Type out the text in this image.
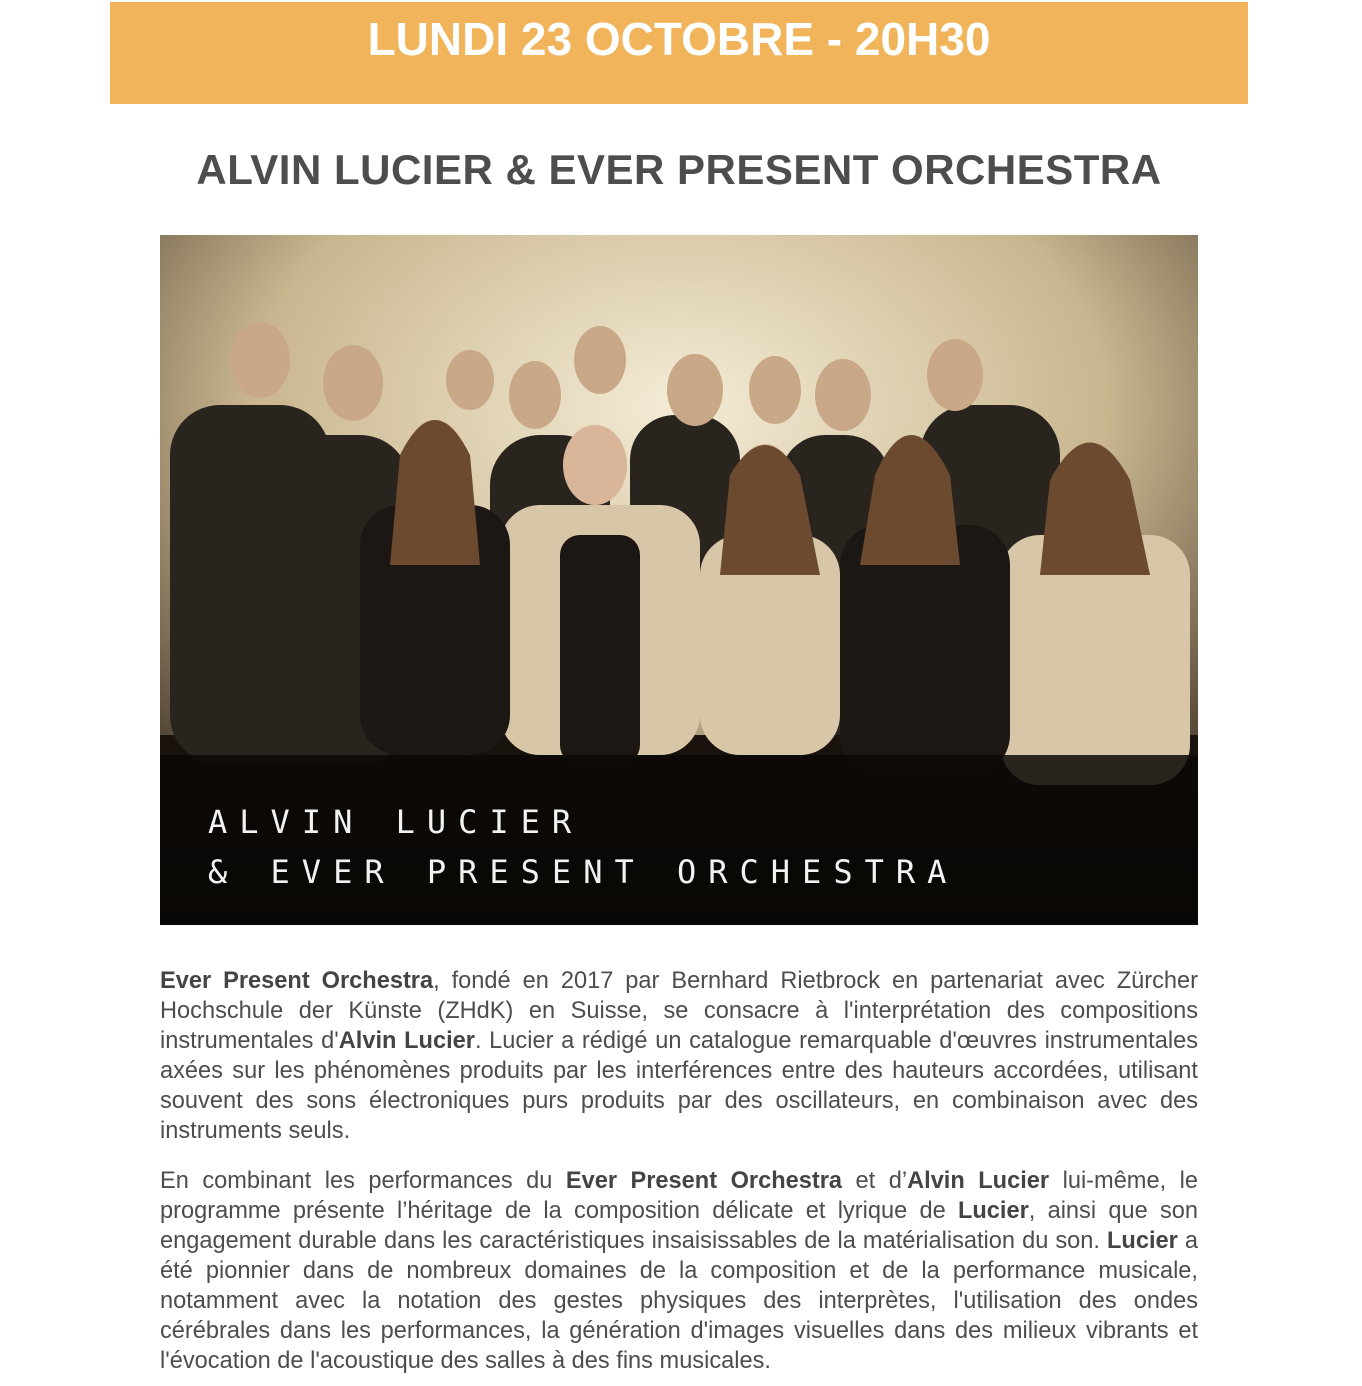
LUNDI 23 OCTOBRE - 20H30
ALVIN LUCIER & EVER PRESENT ORCHESTRA
ALVIN LUCIER
& EVER PRESENT ORCHESTRA
Ever Present Orchestra, fondé en 2017 par Bernhard Rietbrock en partenariat avec Zürcher Hochschule der Künste (ZHdK) en Suisse, se consacre à l'interprétation des compositions instrumentales d'Alvin Lucier. Lucier a rédigé un catalogue remarquable d'œuvres instrumentales axées sur les phénomènes produits par les interférences entre des hauteurs accordées, utilisant souvent des sons électroniques purs produits par des oscillateurs, en combinaison avec des instruments seuls.
En combinant les performances du Ever Present Orchestra et d’Alvin Lucier lui-même, le programme présente l’héritage de la composition délicate et lyrique de Lucier, ainsi que son engagement durable dans les caractéristiques insaisissables de la matérialisation du son. Lucier a été pionnier dans de nombreux domaines de la composition et de la performance musicale, notamment avec la notation des gestes physiques des interprètes, l'utilisation des ondes cérébrales dans les performances, la génération d'images visuelles dans des milieux vibrants et l'évocation de l'acoustique des salles à des fins musicales.
